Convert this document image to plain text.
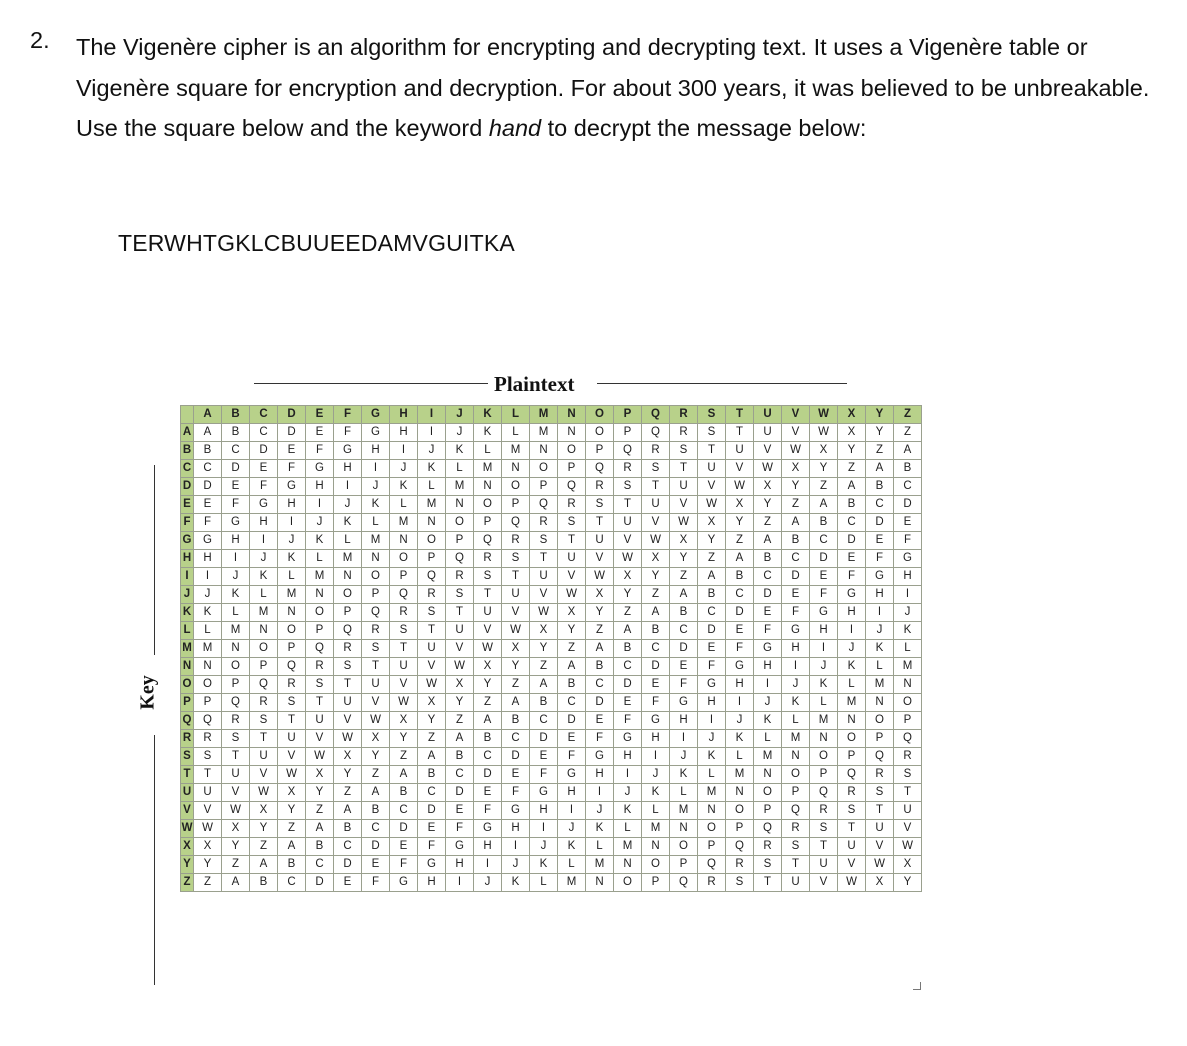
2. The Vigenère cipher is an algorithm for encrypting and decrypting text. It uses a Vigenère table or Vigenère square for encryption and decryption. For about 300 years, it was believed to be unbreakable. Use the square below and the keyword hand to decrypt the message below:

TERWHTGKLCBUUEEDAMVGUITKA
Plaintext
Key
	A	B	C	D	E	F	G	H	I	J	K	L	M	N	O	P	Q	R	S	T	U	V	W	X	Y	Z
A	A	B	C	D	E	F	G	H	I	J	K	L	M	N	O	P	Q	R	S	T	U	V	W	X	Y	Z
B	B	C	D	E	F	G	H	I	J	K	L	M	N	O	P	Q	R	S	T	U	V	W	X	Y	Z	A
C	C	D	E	F	G	H	I	J	K	L	M	N	O	P	Q	R	S	T	U	V	W	X	Y	Z	A	B
D	D	E	F	G	H	I	J	K	L	M	N	O	P	Q	R	S	T	U	V	W	X	Y	Z	A	B	C
E	E	F	G	H	I	J	K	L	M	N	O	P	Q	R	S	T	U	V	W	X	Y	Z	A	B	C	D
F	F	G	H	I	J	K	L	M	N	O	P	Q	R	S	T	U	V	W	X	Y	Z	A	B	C	D	E
G	G	H	I	J	K	L	M	N	O	P	Q	R	S	T	U	V	W	X	Y	Z	A	B	C	D	E	F
H	H	I	J	K	L	M	N	O	P	Q	R	S	T	U	V	W	X	Y	Z	A	B	C	D	E	F	G
I	I	J	K	L	M	N	O	P	Q	R	S	T	U	V	W	X	Y	Z	A	B	C	D	E	F	G	H
J	J	K	L	M	N	O	P	Q	R	S	T	U	V	W	X	Y	Z	A	B	C	D	E	F	G	H	I
K	K	L	M	N	O	P	Q	R	S	T	U	V	W	X	Y	Z	A	B	C	D	E	F	G	H	I	J
L	L	M	N	O	P	Q	R	S	T	U	V	W	X	Y	Z	A	B	C	D	E	F	G	H	I	J	K
M	M	N	O	P	Q	R	S	T	U	V	W	X	Y	Z	A	B	C	D	E	F	G	H	I	J	K	L
N	N	O	P	Q	R	S	T	U	V	W	X	Y	Z	A	B	C	D	E	F	G	H	I	J	K	L	M
O	O	P	Q	R	S	T	U	V	W	X	Y	Z	A	B	C	D	E	F	G	H	I	J	K	L	M	N
P	P	Q	R	S	T	U	V	W	X	Y	Z	A	B	C	D	E	F	G	H	I	J	K	L	M	N	O
Q	Q	R	S	T	U	V	W	X	Y	Z	A	B	C	D	E	F	G	H	I	J	K	L	M	N	O	P
R	R	S	T	U	V	W	X	Y	Z	A	B	C	D	E	F	G	H	I	J	K	L	M	N	O	P	Q
S	S	T	U	V	W	X	Y	Z	A	B	C	D	E	F	G	H	I	J	K	L	M	N	O	P	Q	R
T	T	U	V	W	X	Y	Z	A	B	C	D	E	F	G	H	I	J	K	L	M	N	O	P	Q	R	S
U	U	V	W	X	Y	Z	A	B	C	D	E	F	G	H	I	J	K	L	M	N	O	P	Q	R	S	T
V	V	W	X	Y	Z	A	B	C	D	E	F	G	H	I	J	K	L	M	N	O	P	Q	R	S	T	U
W	W	X	Y	Z	A	B	C	D	E	F	G	H	I	J	K	L	M	N	O	P	Q	R	S	T	U	V
X	X	Y	Z	A	B	C	D	E	F	G	H	I	J	K	L	M	N	O	P	Q	R	S	T	U	V	W
Y	Y	Z	A	B	C	D	E	F	G	H	I	J	K	L	M	N	O	P	Q	R	S	T	U	V	W	X
Z	Z	A	B	C	D	E	F	G	H	I	J	K	L	M	N	O	P	Q	R	S	T	U	V	W	X	Y
